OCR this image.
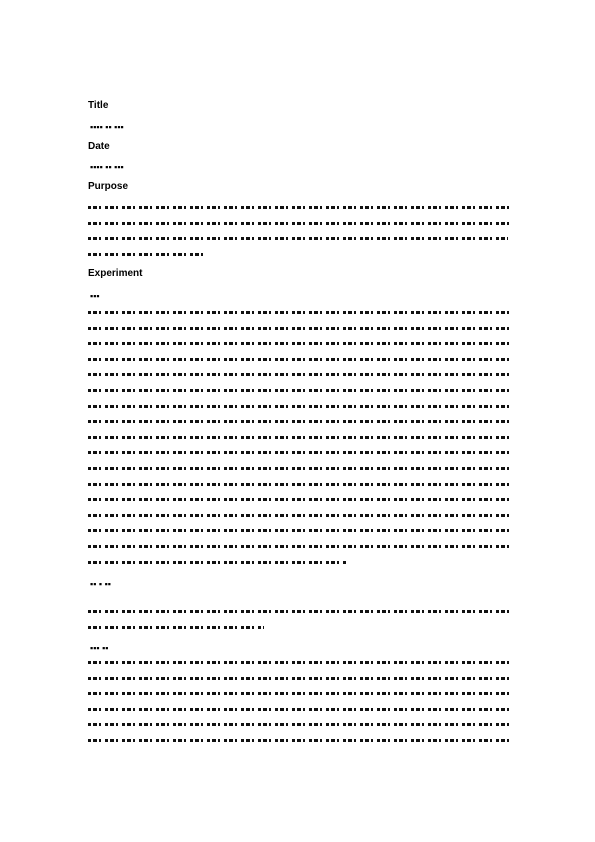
Title
▪▪▪▪ ▪▪ ▪▪▪
Date
▪▪▪▪ ▪▪ ▪▪▪
Purpose
Experiment
▪▪▪
▪▪ ▪ ▪▪
▪▪▪ ▪▪
